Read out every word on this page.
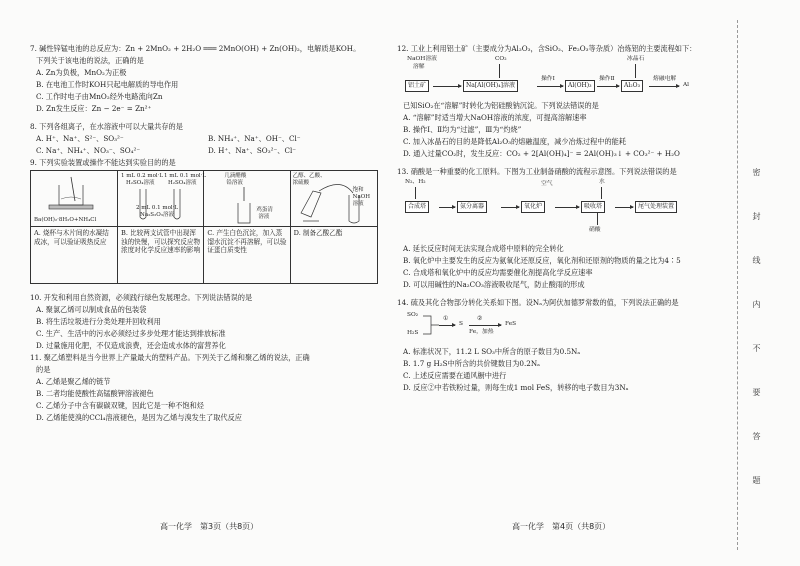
7. 碱性锌锰电池的总反应为：Zn + 2MnO₂ + 2H₂O ═══ 2MnO(OH) + Zn(OH)₂，电解质是KOH。
下列关于该电池的说法，正确的是
A. Zn为负极，MnO₂为正极
B. 在电池工作时KOH只起电解质的导电作用
C. 工作时电子由MnO₂经外电路流向Zn
D. Zn发生反应：Zn − 2e⁻ = Zn²⁺
8. 下列各组离子，在水溶液中可以大量共存的是
A. H⁺、Na⁺、S²⁻、SO₃²⁻	B. NH₄⁺、Na⁺、OH⁻、Cl⁻
C. Na⁺、NH₄⁺、NO₃⁻、SO₄²⁻	D. H⁺、Na⁺、SO₃²⁻、Cl⁻
9. 下列实验装置或操作不能达到实验目的的是
Ba(OH)₂·8H₂O+NH₄Cl
A. 烧杯与木片间的水凝结成冰，可以验证吸热反应
1 mL 0.2 mol·L
H₂SO₄溶液
1 mL 0.1 mol·L
H₂SO₄溶液
2 mL 0.1 mol·L
Na₂S₂O₃溶液
B. 比较两支试管中出现浑浊的快慢，可以探究反应物浓度对化学反应速率的影响
几滴醋酸
铅溶液
鸡蛋清
溶液
C. 产生白色沉淀，加入蒸馏水沉淀不再溶解，可以验证蛋白质变性
乙醇、乙酸、
浓硫酸
饱和
NaOH
溶液
D. 制备乙酸乙酯
10. 开发和利用自然资源，必须践行绿色发展理念。下列说法错误的是
A. 聚氯乙烯可以制成食品的包装袋
B. 将生活垃圾进行分类处理并回收利用
C. 生产、生活中的污水必须经过多步处理才能达到排放标准
D. 过量施用化肥，不仅造成浪费，还会造成水体的富营养化
11. 聚乙烯塑料是当今世界上产量最大的塑料产品。下列关于乙烯和聚乙烯的说法，正确
的是
A. 乙烯是聚乙烯的链节
B. 二者均能使酸性高锰酸钾溶液褪色
C. 乙烯分子中含有碳碳双键，因此它是一种不饱和烃
D. 乙烯能使溴的CCl₄溶液褪色，是因为乙烯与溴发生了取代反应
12. 工业上利用铝土矿（主要成分为Al₂O₃，含SiO₂、Fe₂O₃等杂质）冶炼铝的主要流程如下：
NaOH溶液
溶解
CO₂	冰晶石
铝土矿	Na[Al(OH)₄]溶液
操作Ⅰ
Al(OH)₃
操作Ⅱ
Al₂O₃
熔融电解
Al
已知SiO₂在“溶解”时转化为铝硅酸钠沉淀。下列说法错误的是
A. “溶解”时适当增大NaOH溶液的浓度，可提高溶解速率
B. 操作Ⅰ、Ⅱ均为“过滤”，Ⅲ为“灼烧”
C. 加入冰晶石的目的是降低Al₂O₃的熔融温度，减少冶炼过程中的能耗
D. 通入过量CO₂时，发生反应：CO₂ + 2[Al(OH)₄]⁻ = 2Al(OH)₃↓ + CO₃²⁻ + H₂O
13. 硝酸是一种重要的化工原料。下图为工业制备硝酸的流程示意图。下列说法错误的是
N₂、H₂	空气	水
合成塔	氨分离器	氧化炉	吸收塔	尾气处理装置
硝酸
A. 延长反应时间无法实现合成塔中原料的完全转化
B. 氧化炉中主要发生的反应为氨氧化还原反应，氧化剂和还原剂的物质的量之比为4∶5
C. 合成塔和氧化炉中的反应均需要催化剂提高化学反应速率
D. 可以用碱性的Na₂CO₃溶液吸收尾气，防止酸雨的形成
14. 硫及其化合物部分转化关系如下图。设Nₐ为阿伏加德罗常数的值，下列说法正确的是
SO₂
H₂S
①
S
②
Fe，加热
FeS
A. 标准状况下，11.2 L SO₃中所含的原子数目为0.5Nₐ
B. 1.7 g H₂S中所含的共价键数目为0.2Nₐ
C. 上述反应需要在通风橱中进行
D. 反应②中若铁粉过量，则每生成1 mol FeS，转移的电子数目为3Nₐ
高一化学　第3页（共8页）	高一化学　第4页（共8页）
密　封　线　内　不　要　答　题
